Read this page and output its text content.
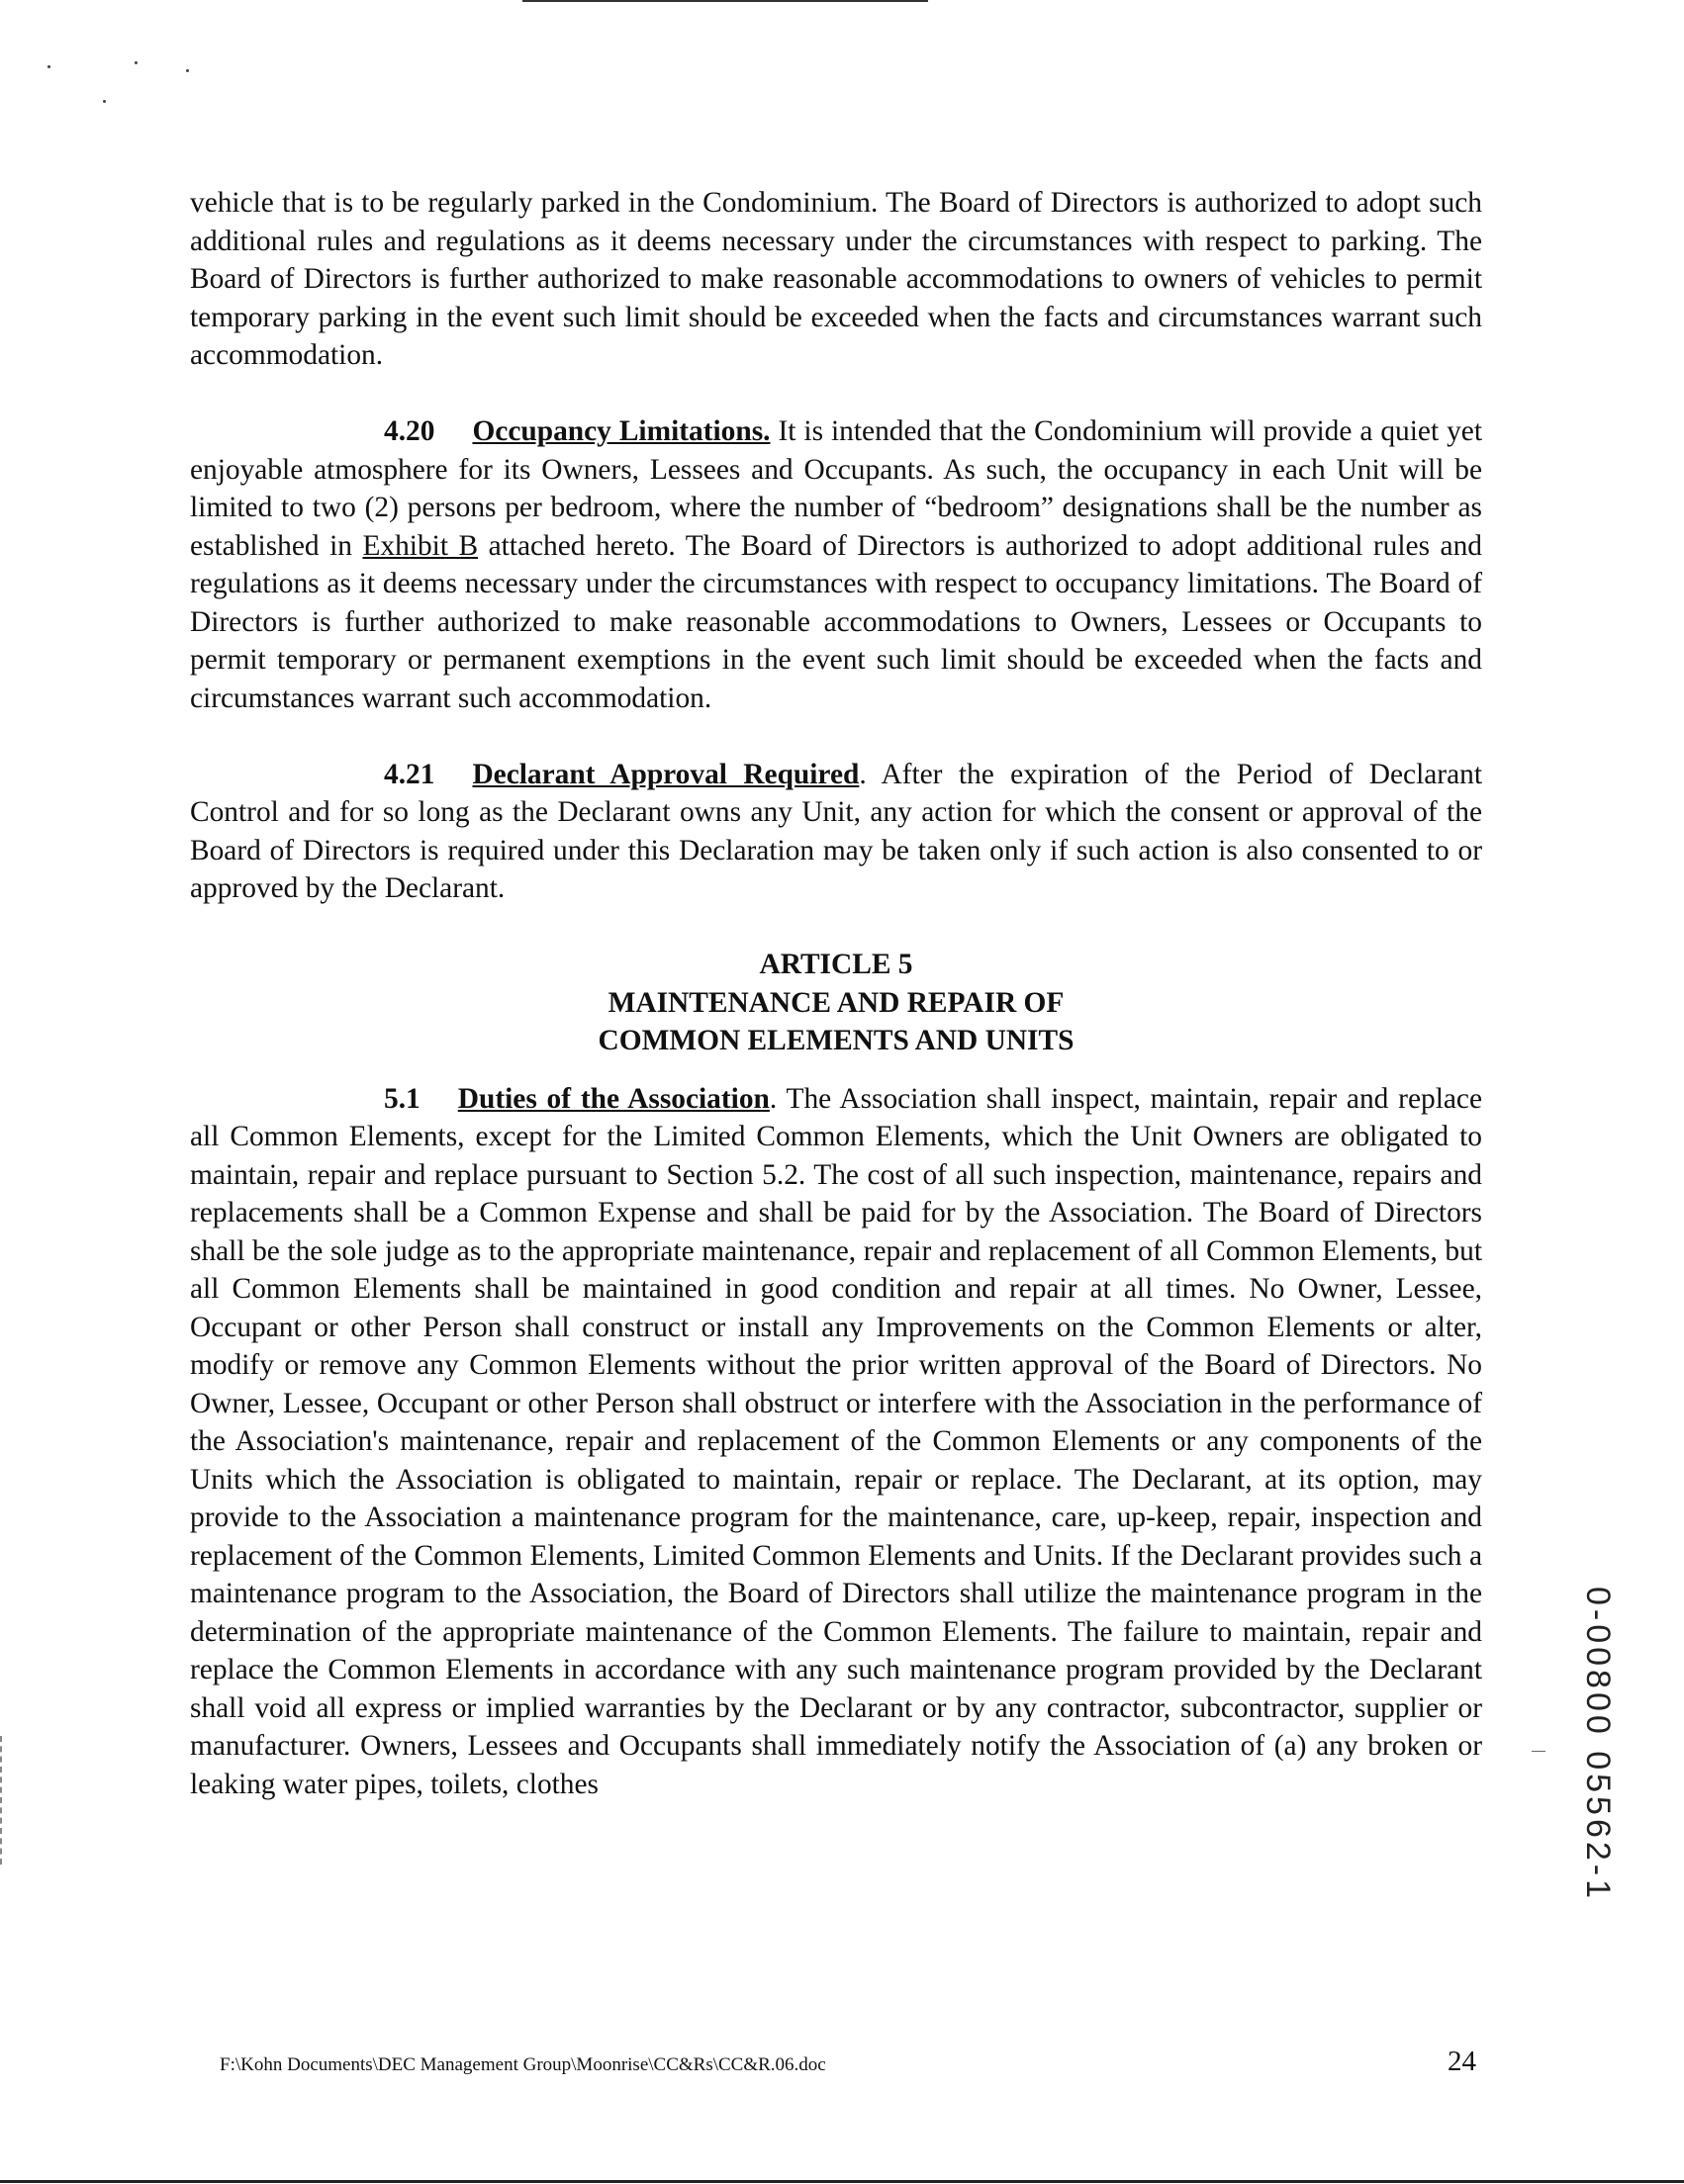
vehicle that is to be regularly parked in the Condominium. The Board of Directors is authorized to adopt such additional rules and regulations as it deems necessary under the circumstances with respect to parking. The Board of Directors is further authorized to make reasonable accommodations to owners of vehicles to permit temporary parking in the event such limit should be exceeded when the facts and circumstances warrant such accommodation.

4.20 Occupancy Limitations. It is intended that the Condominium will provide a quiet yet enjoyable atmosphere for its Owners, Lessees and Occupants. As such, the occupancy in each Unit will be limited to two (2) persons per bedroom, where the number of “bedroom” designations shall be the number as established in Exhibit B attached hereto. The Board of Directors is authorized to adopt additional rules and regulations as it deems necessary under the circumstances with respect to occupancy limitations. The Board of Directors is further authorized to make reasonable accommodations to Owners, Lessees or Occupants to permit temporary or permanent exemptions in the event such limit should be exceeded when the facts and circumstances warrant such accommodation.

4.21 Declarant Approval Required. After the expiration of the Period of Declarant Control and for so long as the Declarant owns any Unit, any action for which the consent or approval of the Board of Directors is required under this Declaration may be taken only if such action is also consented to or approved by the Declarant.

ARTICLE 5
MAINTENANCE AND REPAIR OF
COMMON ELEMENTS AND UNITS

5.1 Duties of the Association. The Association shall inspect, maintain, repair and replace all Common Elements, except for the Limited Common Elements, which the Unit Owners are obligated to maintain, repair and replace pursuant to Section 5.2. The cost of all such inspection, maintenance, repairs and replacements shall be a Common Expense and shall be paid for by the Association. The Board of Directors shall be the sole judge as to the appropriate maintenance, repair and replacement of all Common Elements, but all Common Elements shall be maintained in good condition and repair at all times. No Owner, Lessee, Occupant or other Person shall construct or install any Improvements on the Common Elements or alter, modify or remove any Common Elements without the prior written approval of the Board of Directors. No Owner, Lessee, Occupant or other Person shall obstruct or interfere with the Association in the performance of the Association's maintenance, repair and replacement of the Common Elements or any components of the Units which the Association is obligated to maintain, repair or replace. The Declarant, at its option, may provide to the Association a maintenance program for the maintenance, care, up-keep, repair, inspection and replacement of the Common Elements, Limited Common Elements and Units. If the Declarant provides such a maintenance program to the Association, the Board of Directors shall utilize the maintenance program in the determination of the appropriate maintenance of the Common Elements. The failure to maintain, repair and replace the Common Elements in accordance with any such maintenance program provided by the Declarant shall void all express or implied warranties by the Declarant or by any contractor, subcontractor, supplier or manufacturer. Owners, Lessees and Occupants shall immediately notify the Association of (a) any broken or leaking water pipes, toilets, clothes	0-00800 05562-1
F:\Kohn Documents\DEC Management Group\Moonrise\CC&Rs\CC&R.06.doc	24
